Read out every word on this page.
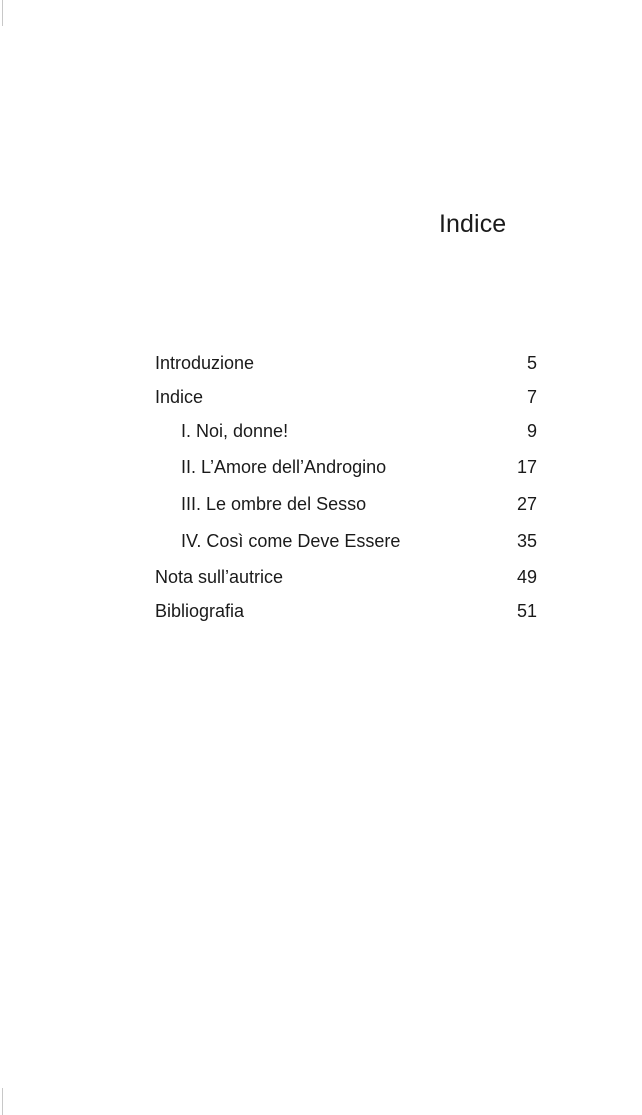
Indice
Introduzione	5
Indice	7
I. Noi, donne!	9
II. L’Amore dell’Androgino	17
III. Le ombre del Sesso	27
IV. Così come Deve Essere	35
Nota sull’autrice	49
Bibliografia	51
